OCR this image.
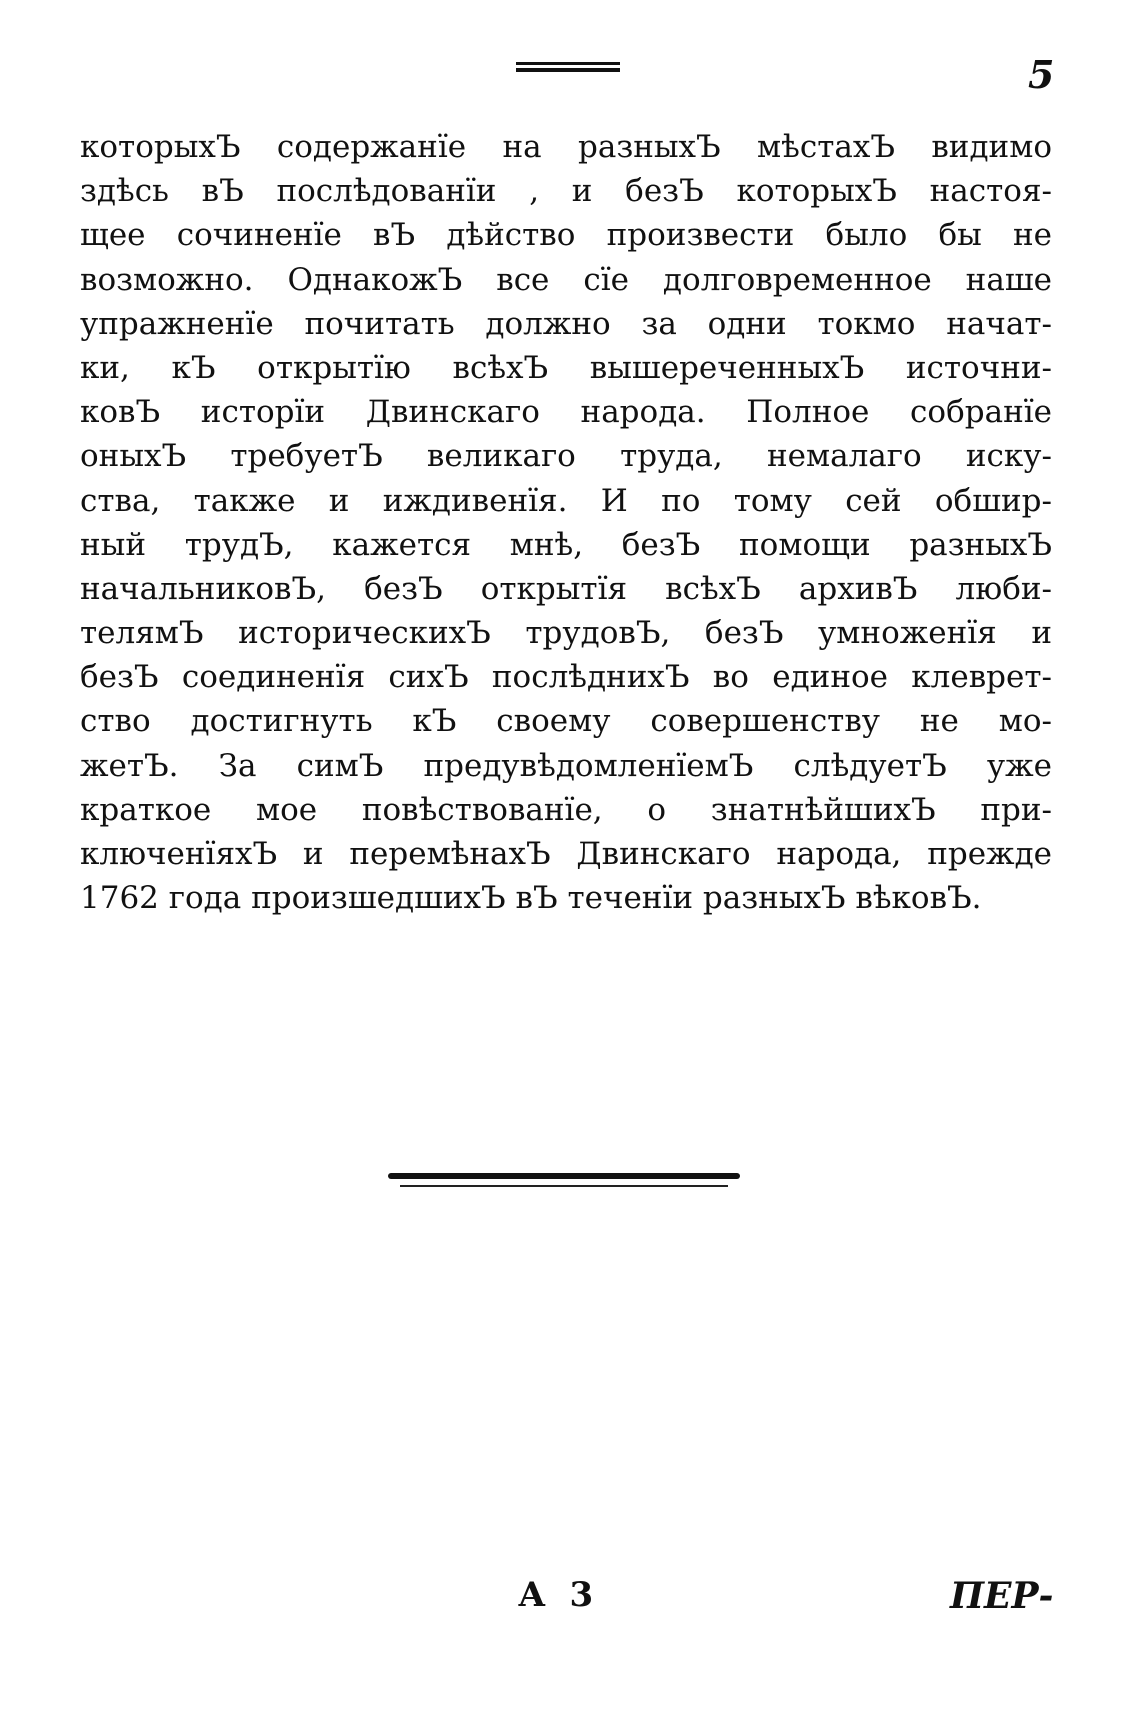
5
которыхЪ содержанїе на разныхЪ мѣстахЪ видимо
здѣсь вЪ послѣдованїи , и безЪ которыхЪ настоя-
щее сочиненїе вЪ дѣйство произвести было бы не
возможно. ОднакожЪ все сїе долговременное наше
упражненїе почитать должно за одни токмо начат-
ки, кЪ открытїю всѣхЪ вышереченныхЪ источни-
ковЪ исторїи Двинскаго народа. Полное собранїе
оныхЪ требуетЪ великаго труда, немалаго иску-
ства, также и иждивенїя. И по тому сей обшир-
ный трудЪ, кажется мнѣ, безЪ помощи разныхЪ
начальниковЪ, безЪ открытїя всѣхЪ архивЪ люби-
телямЪ историческихЪ трудовЪ, безЪ умноженїя и
безЪ соединенїя сихЪ послѣднихЪ во единое клеврет-
ство достигнуть кЪ своему совершенству не мо-
жетЪ. За симЪ предувѣдомленїемЪ слѣдуетЪ уже
краткое мое повѣствованїе, о знатнѣйшихЪ при-
ключенїяхЪ и перемѣнахЪ Двинскаго народа, прежде
1762 года произшедшихЪ вЪ теченїи разныхЪ вѣковЪ.
А 3	ПЕР-
